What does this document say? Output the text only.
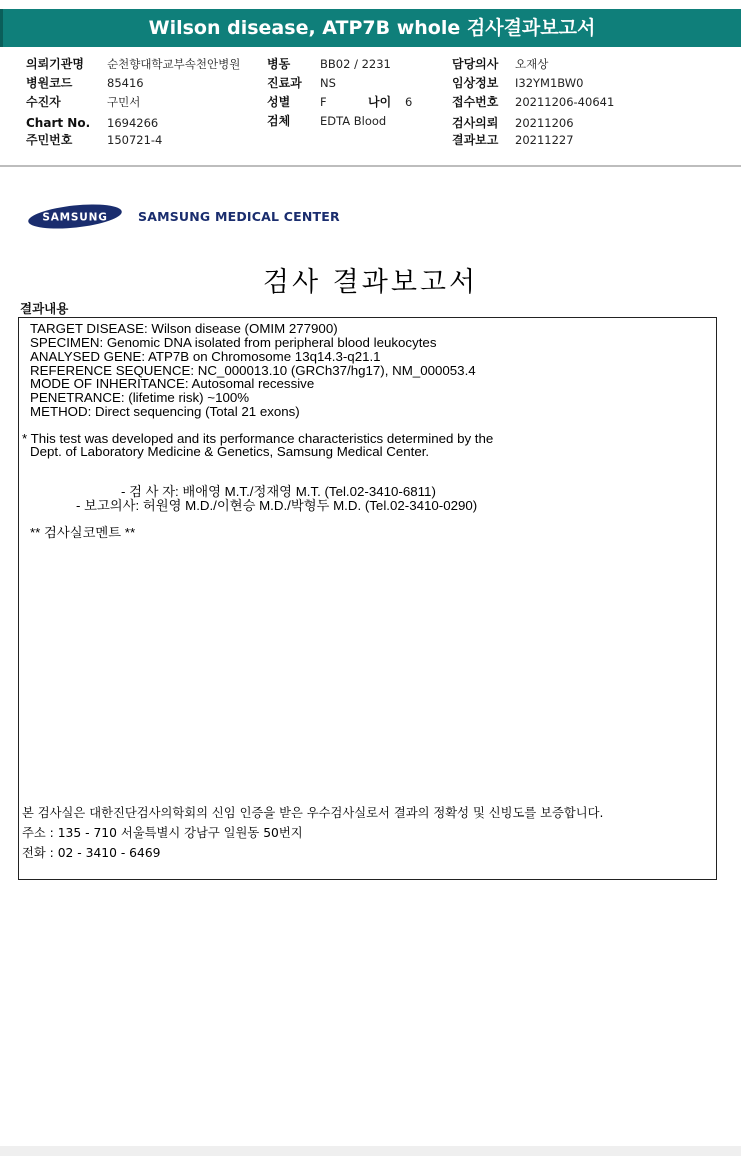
Wilson disease, ATP7B whole 검사결과보고서
의뢰기관명 순천향대학교부속천안병원 병동	BB02 / 2231	담당의사 오재상
병원코드	85416	진료과 NS	임상정보 I32YM1BW0
수진자	구민서	성별	F	나이 6	접수번호 20211206-40641
Chart No. 1694266	검체	EDTA Blood	검사의뢰 20211206
주민번호	150721-4	결과보고 20211227
SAMSUNG SAMSUNG MEDICAL CENTER
검사 결과보고서
결과내용
TARGET DISEASE: Wilson disease (OMIM 277900)
SPECIMEN: Genomic DNA isolated from peripheral blood leukocytes
ANALYSED GENE: ATP7B on Chromosome 13q14.3-q21.1
REFERENCE SEQUENCE: NC_000013.10 (GRCh37/hg17), NM_000053.4
MODE OF INHERITANCE: Autosomal recessive
PENETRANCE: (lifetime risk) ~100%
METHOD: Direct sequencing (Total 21 exons)
* This test was developed and its performance characteristics determined by the
Dept. of Laboratory Medicine & Genetics, Samsung Medical Center.
- 검 사 자: 배애영 M.T./정재영 M.T. (Tel.02-3410-6811)
- 보고의사: 허원영 M.D./이현승 M.D./박형두 M.D. (Tel.02-3410-0290)
** 검사실코멘트 **
본 검사실은 대한진단검사의학회의 신임 인증을 받은 우수검사실로서 결과의 정확성 및 신빙도를 보증합니다.
주소 : 135 - 710 서울특별시 강남구 일원동 50번지
전화 : 02 - 3410 - 6469
